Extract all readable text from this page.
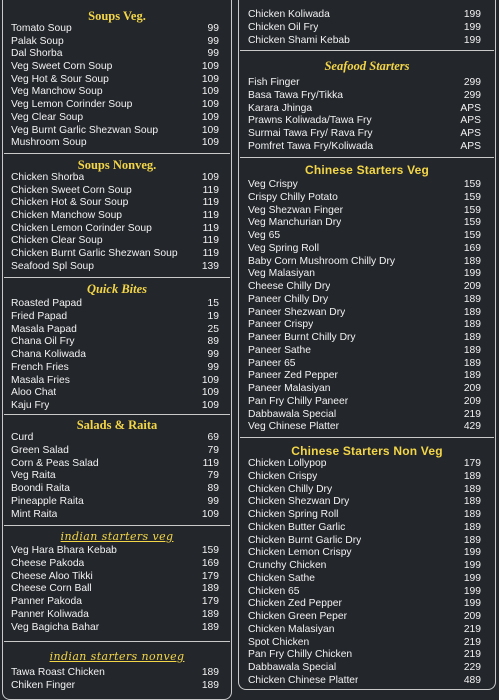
Soups Veg.
Tomato Soup	99
Palak Soup	99
Dal Shorba	99
Veg Sweet Corn Soup	109
Veg Hot & Sour Soup	109
Veg Manchow Soup	109
Veg Lemon Corinder Soup	109
Veg Clear Soup	109
Veg Burnt Garlic Shezwan Soup	109
Mushroom Soup	109
Soups Nonveg.
Chicken Shorba	109
Chicken Sweet Corn Soup	119
Chicken Hot & Sour Soup	119
Chicken Manchow Soup	119
Chicken Lemon Corinder Soup	119
Chicken Clear Soup	119
Chicken Burnt Garlic Shezwan Soup 119
Seafood Spl Soup	139
Quick Bites
Roasted Papad	15
Fried Papad	19
Masala Papad	25
Chana Oil Fry	89
Chana Koliwada	99
French Fries	99
Masala Fries	109
Aloo Chat	109
Kaju Fry	109
Salads & Raita
Curd	69
Green Salad	79
Corn & Peas Salad	119
Veg Raita	79
Boondi Raita	89
Pineapple Raita	99
Mint Raita	109
indian starters veg
Veg Hara Bhara Kebab	159
Cheese Pakoda	169
Cheese Aloo Tikki	179
Cheese Corn Ball	189
Panner Pakoda	179
Panner Koliwada	189
Veg Bagicha Bahar	189
indian starters nonveg
Tawa Roast Chicken	189
Chiken Finger	189
Chicken Koliwada	199
Chicken Oil Fry	199
Chicken Shami Kebab	199
Seafood Starters
Fish Finger	299
Basa Tawa Fry/Tikka	299
Karara Jhinga	APS
Prawns Koliwada/Tawa Fry	APS
Surmai Tawa Fry/ Rava Fry	APS
Pomfret Tawa Fry/Koliwada	APS
Chinese Starters Veg
Veg Crispy	159
Crispy Chilly Potato	159
Veg Shezwan Finger	159
Veg Manchurian Dry	159
Veg 65	159
Veg Spring Roll	169
Baby Corn Mushroom Chilly Dry	189
Veg Malasiyan	199
Cheese Chilly Dry	209
Paneer Chilly Dry	189
Paneer Shezwan Dry	189
Paneer Crispy	189
Paneer Burnt Chilly Dry	189
Paneer Sathe	189
Paneer 65	189
Paneer Zed Pepper	189
Paneer Malasiyan	209
Pan Fry Chilly Paneer	209
Dabbawala Special	219
Veg Chinese Platter	429
Chinese Starters Non Veg
Chicken Lollypop	179
Chicken Crispy	189
Chicken Chilly Dry	189
Chicken Shezwan Dry	189
Chicken Spring Roll	189
Chicken Butter Garlic	189
Chicken Burnt Garlic Dry	189
Chicken Lemon Crispy	199
Crunchy Chicken	199
Chicken Sathe	199
Chicken 65	199
Chicken Zed Pepper	199
Chicken Green Peper	209
Chicken Malasiyan	219
Spot Chicken	219
Pan Fry Chilly Chicken	219
Dabbawala Special	229
Chicken Chinese Platter	489
